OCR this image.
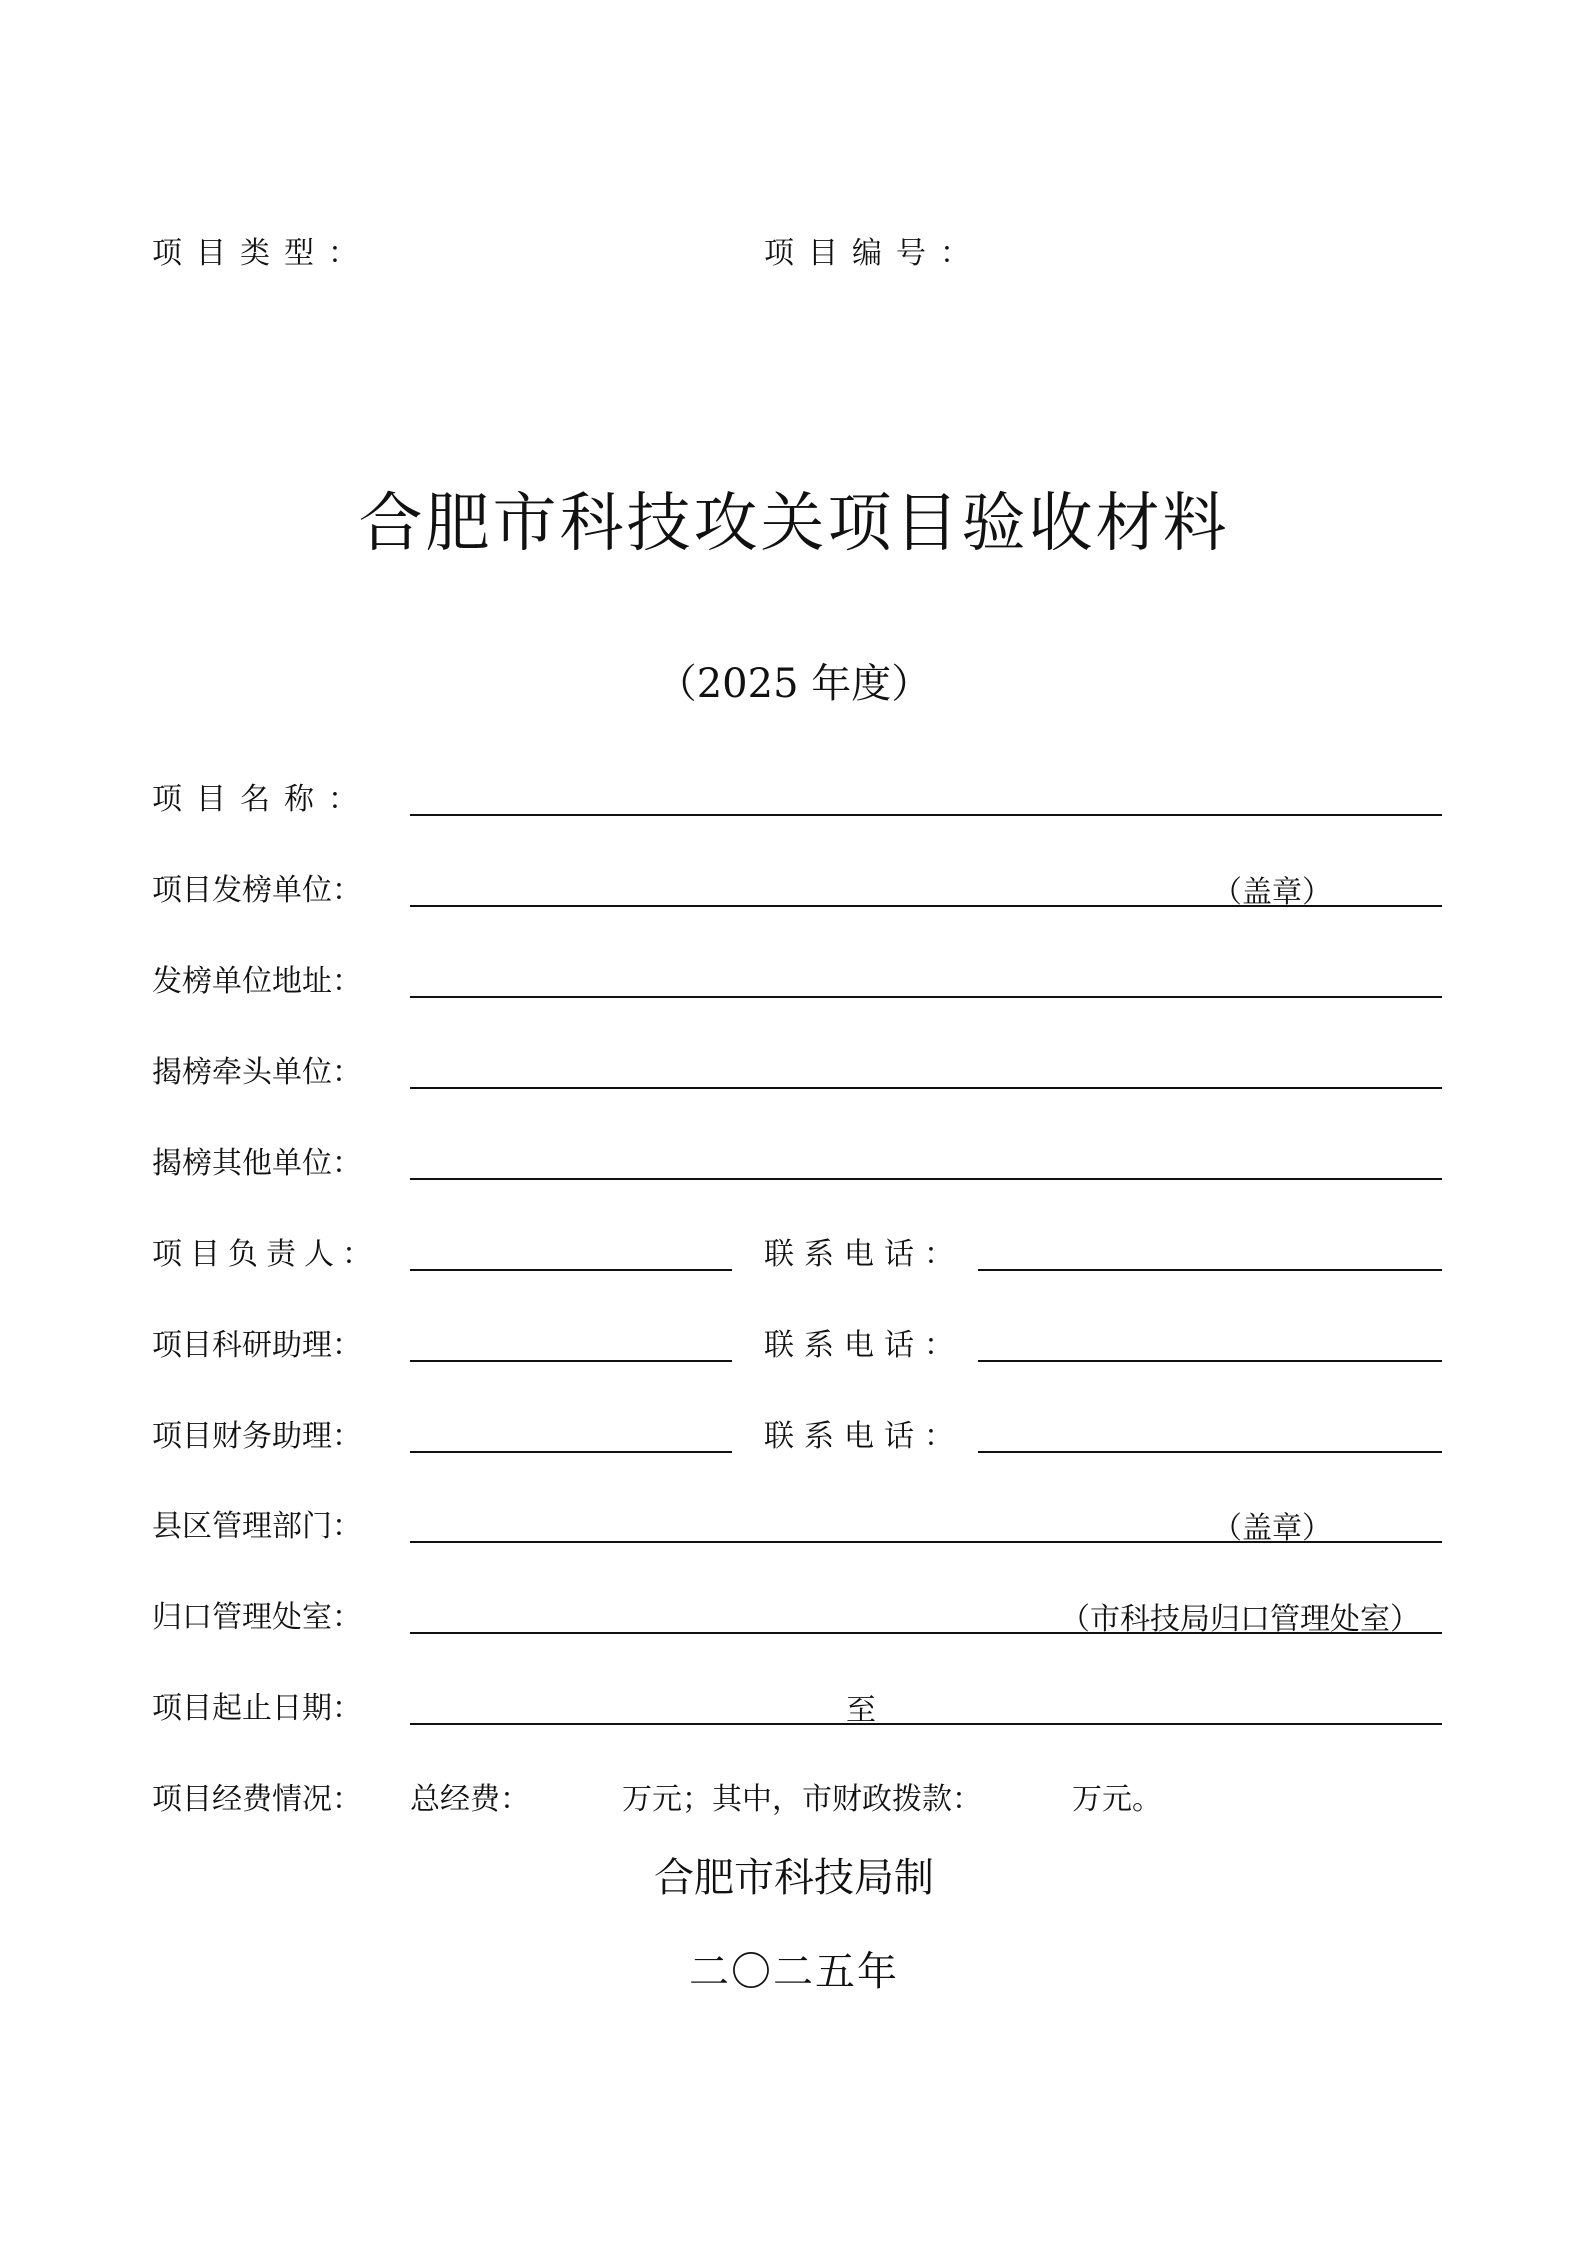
项目类型：	项目编号：
合肥市科技攻关项目验收材料
（2025 年度）
项目名称：
项目发榜单位：	（盖章）
发榜单位地址：
揭榜牵头单位：
揭榜其他单位：
项目负责人：	联系电话：
项目科研助理：	联系电话：
项目财务助理：	联系电话：
县区管理部门：	（盖章）
归口管理处室：	（市科技局归口管理处室）
项目起止日期：	至
项目经费情况： 总经费：	万元；其中，市财政拨款：	万元。
合肥市科技局制
二〇二五年
